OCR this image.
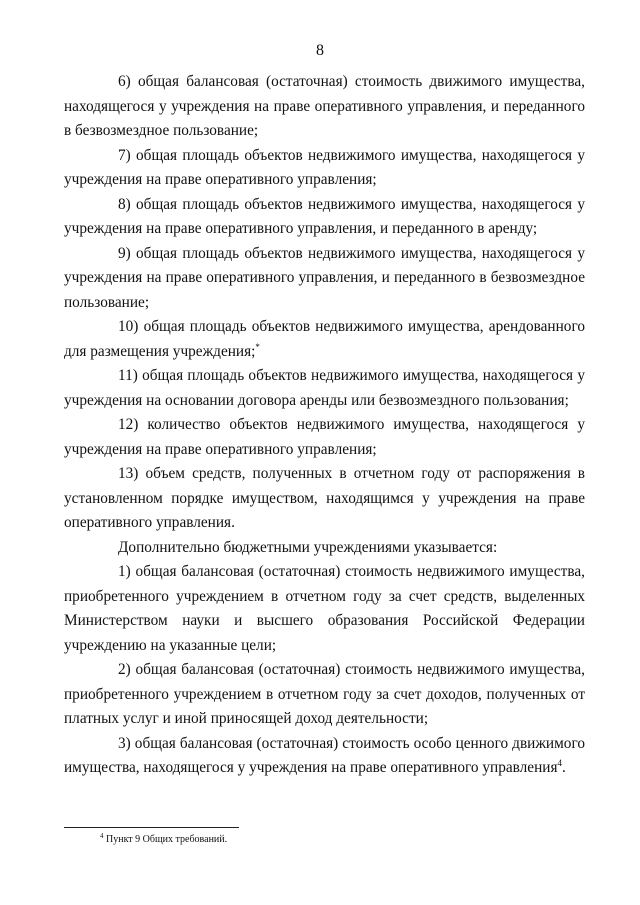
8

6) общая балансовая (остаточная) стоимость движимого имущества, находящегося у учреждения на праве оперативного управления, и переданного в безвозмездное пользование;

7) общая площадь объектов недвижимого имущества, находящегося у учреждения на праве оперативного управления;

8) общая площадь объектов недвижимого имущества, находящегося у учреждения на праве оперативного управления, и переданного в аренду;

9) общая площадь объектов недвижимого имущества, находящегося у учреждения на праве оперативного управления, и переданного в безвозмездное пользование;

10) общая площадь объектов недвижимого имущества, арендованного для размещения учреждения;*

11) общая площадь объектов недвижимого имущества, находящегося у учреждения на основании договора аренды или безвозмездного пользования;

12) количество объектов недвижимого имущества, находящегося у учреждения на праве оперативного управления;

13) объем средств, полученных в отчетном году от распоряжения в установленном порядке имуществом, находящимся у учреждения на праве оперативного управления.

Дополнительно бюджетными учреждениями указывается:

1) общая балансовая (остаточная) стоимость недвижимого имущества, приобретенного учреждением в отчетном году за счет средств, выделенных Министерством науки и высшего образования Российской Федерации учреждению на указанные цели;

2) общая балансовая (остаточная) стоимость недвижимого имущества, приобретенного учреждением в отчетном году за счет доходов, полученных от платных услуг и иной приносящей доход деятельности;

3) общая балансовая (остаточная) стоимость особо ценного движимого имущества, находящегося у учреждения на праве оперативного управления$^4$.

$^4$ Пункт 9 Общих требований.
